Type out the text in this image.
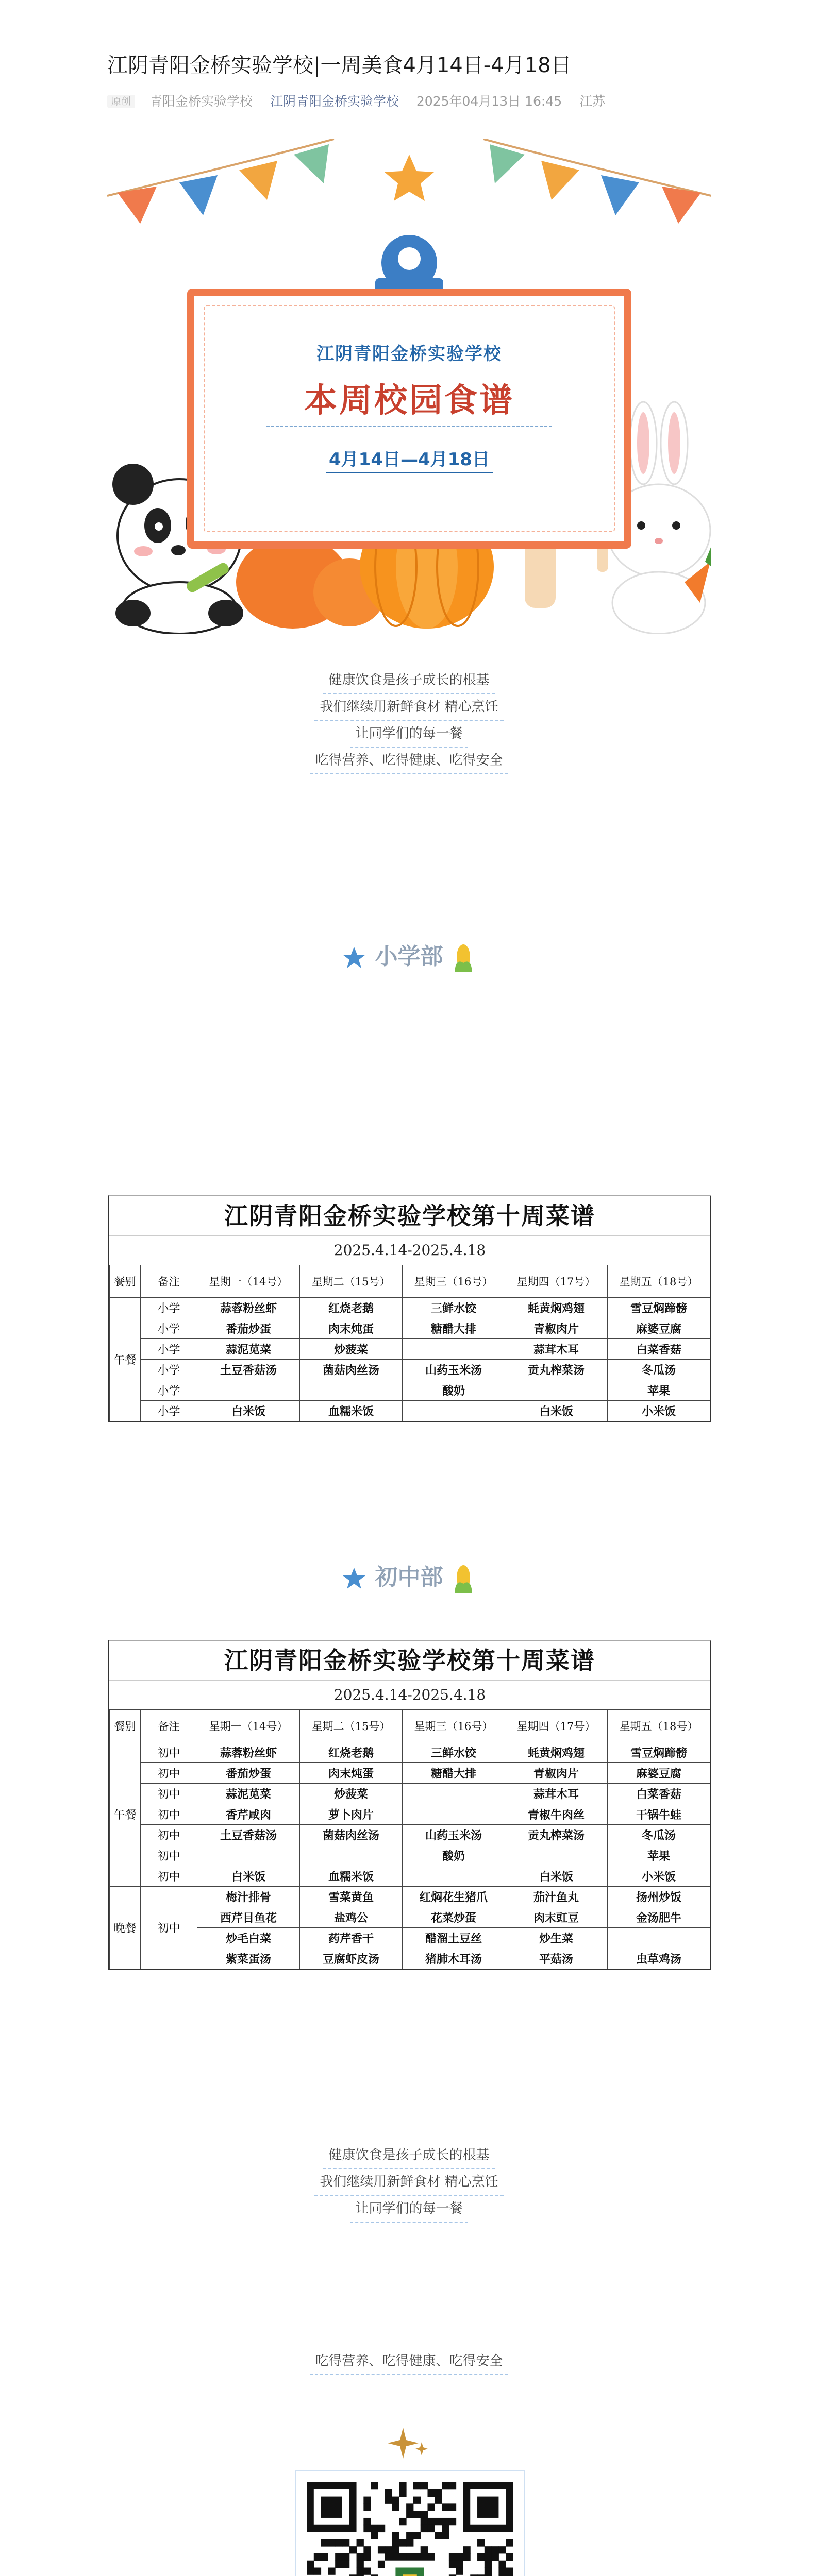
江阴青阳金桥实验学校|一周美食4月14日-4月18日
原创 青阳金桥实验学校 江阴青阳金桥实验学校 2025年04月13日 16:45 江苏
江阴青阳金桥实验学校
本周校园食谱
4月14日—4月18日
健康饮食是孩子成长的根基
我们继续用新鲜食材 精心烹饪
让同学们的每一餐
吃得营养、吃得健康、吃得安全
小学部
江阴青阳金桥实验学校第十周菜谱
2025.4.14-2025.4.18
餐别	备注	星期一（14号）	星期二（15号）	星期三（16号）	星期四（17号）	星期五（18号）
午餐	小学	蒜蓉粉丝虾	红烧老鹅	三鲜水饺	蚝黄焖鸡翅	雪豆焖蹄髈
	小学	番茄炒蛋	肉末炖蛋	糖醋大排	青椒肉片	麻婆豆腐
	小学	蒜泥苋菜	炒菠菜		蒜茸木耳	白菜香菇
	小学	土豆香菇汤	菌菇肉丝汤	山药玉米汤	贡丸榨菜汤	冬瓜汤
	小学			酸奶		苹果
	小学	白米饭	血糯米饭		白米饭	小米饭
初中部
江阴青阳金桥实验学校第十周菜谱
2025.4.14-2025.4.18
餐别	备注	星期一（14号）	星期二（15号）	星期三（16号）	星期四（17号）	星期五（18号）
午餐	初中	蒜蓉粉丝虾	红烧老鹅	三鲜水饺	蚝黄焖鸡翅	雪豆焖蹄髈
	初中	番茄炒蛋	肉末炖蛋	糖醋大排	青椒肉片	麻婆豆腐
	初中	蒜泥苋菜	炒菠菜		蒜茸木耳	白菜香菇
	初中	香芹咸肉	萝卜肉片		青椒牛肉丝	干锅牛蛙
	初中	土豆香菇汤	菌菇肉丝汤	山药玉米汤	贡丸榨菜汤	冬瓜汤
	初中			酸奶		苹果
	初中	白米饭	血糯米饭		白米饭	小米饭
晚餐	初中	梅汁排骨	雪菜黄鱼	红焖花生猪爪	茄汁鱼丸	扬州炒饭
		西芹目鱼花	盐鸡公	花菜炒蛋	肉末豇豆	金汤肥牛
		炒毛白菜	药芹香干	醋溜土豆丝	炒生菜	
		紫菜蛋汤	豆腐虾皮汤	猪肺木耳汤	平菇汤	虫草鸡汤
健康饮食是孩子成长的根基
我们继续用新鲜食材 精心烹饪
让同学们的每一餐
吃得营养、吃得健康、吃得安全
